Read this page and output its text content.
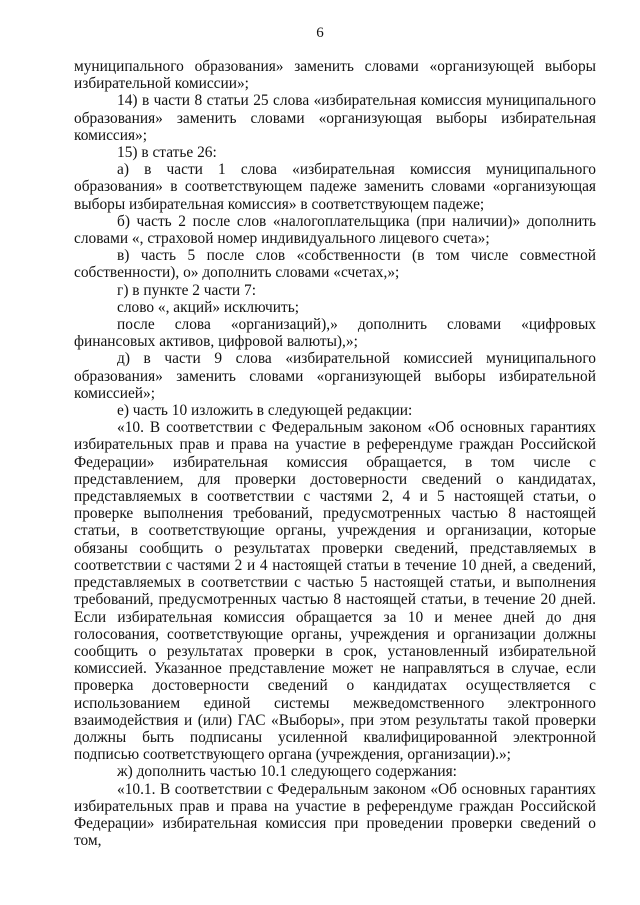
6

муниципального образования» заменить словами «организующей выборы избирательной комиссии»;

14) в части 8 статьи 25 слова «избирательная комиссия муниципального образования» заменить словами «организующая выборы избирательная комиссия»;

15) в статье 26:

а) в части 1 слова «избирательная комиссия муниципального образования» в соответствующем падеже заменить словами «организующая выборы избирательная комиссия» в соответствующем падеже;

б) часть 2 после слов «налогоплательщика (при наличии)» дополнить словами «, страховой номер индивидуального лицевого счета»;

в) часть 5 после слов «собственности (в том числе совместной собственности), о» дополнить словами «счетах,»;

г) в пункте 2 части 7:

слово «, акций» исключить;

после слова «организаций),» дополнить словами «цифровых финансовых активов, цифровой валюты),»;

д) в части 9 слова «избирательной комиссией муниципального образования» заменить словами «организующей выборы избирательной комиссией»;

е) часть 10 изложить в следующей редакции:

«10. В соответствии с Федеральным законом «Об основных гарантиях избирательных прав и права на участие в референдуме граждан Российской Федерации» избирательная комиссия обращается, в том числе с представлением, для проверки достоверности сведений о кандидатах, представляемых в соответствии с частями 2, 4 и 5 настоящей статьи, о проверке выполнения требований, предусмотренных частью 8 настоящей статьи, в соответствующие органы, учреждения и организации, которые обязаны сообщить о результатах проверки сведений, представляемых в соответствии с частями 2 и 4 настоящей статьи в течение 10 дней, а сведений, представляемых в соответствии с частью 5 настоящей статьи, и выполнения требований, предусмотренных частью 8 настоящей статьи, в течение 20 дней. Если избирательная комиссия обращается за 10 и менее дней до дня голосования, соответствующие органы, учреждения и организации должны сообщить о результатах проверки в срок, установленный избирательной комиссией. Указанное представление может не направляться в случае, если проверка достоверности сведений о кандидатах осуществляется с использованием единой системы межведомственного электронного взаимодействия и (или) ГАС «Выборы», при этом результаты такой проверки должны быть подписаны усиленной квалифицированной электронной подписью соответствующего органа (учреждения, организации).»;

ж) дополнить частью 10.1 следующего содержания:

«10.1. В соответствии с Федеральным законом «Об основных гарантиях избирательных прав и права на участие в референдуме граждан Российской Федерации» избирательная комиссия при проведении проверки сведений о том,
